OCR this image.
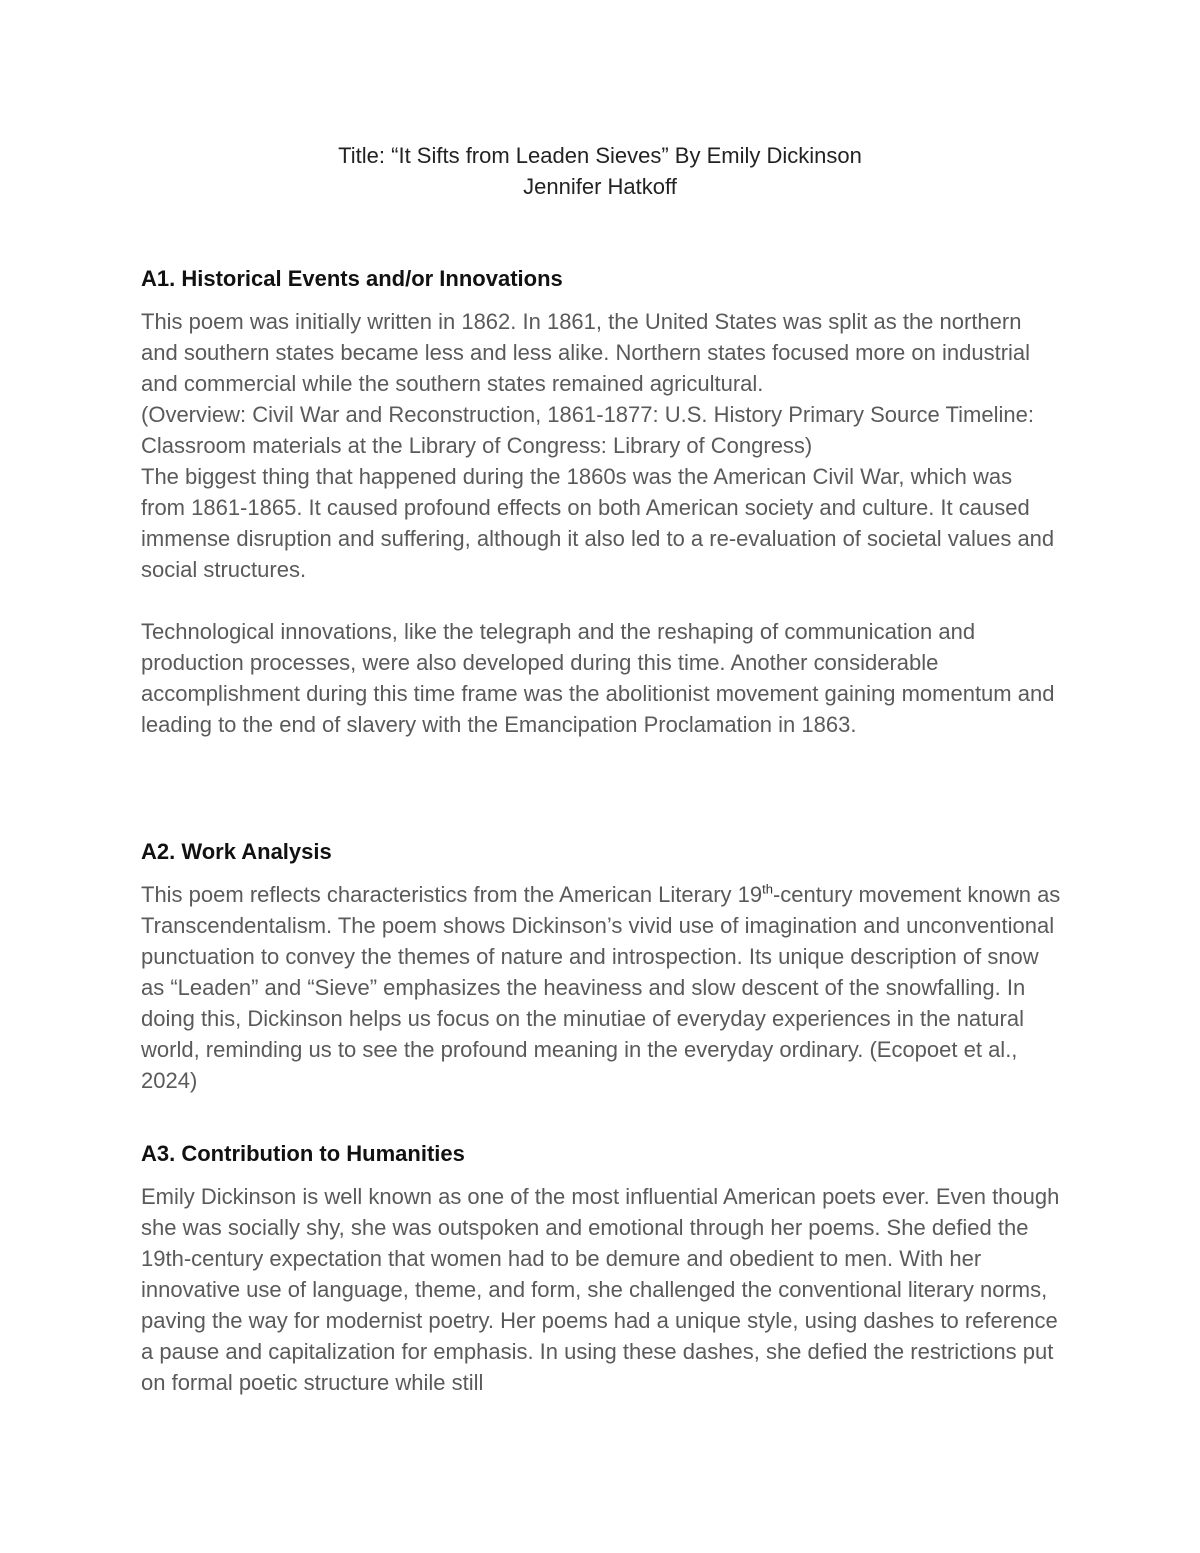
Title: “It Sifts from Leaden Sieves” By Emily Dickinson
Jennifer Hatkoff
A1. Historical Events and/or Innovations

This poem was initially written in 1862. In 1861, the United States was split as the northern and southern states became less and less alike. Northern states focused more on industrial and commercial while the southern states remained agricultural.

(Overview: Civil War and Reconstruction, 1861-1877: U.S. History Primary Source Timeline: Classroom materials at the Library of Congress: Library of Congress)

The biggest thing that happened during the 1860s was the American Civil War, which was from 1861-1865. It caused profound effects on both American society and culture. It caused immense disruption and suffering, although it also led to a re-evaluation of societal values and social structures.

Technological innovations, like the telegraph and the reshaping of communication and production processes, were also developed during this time. Another considerable accomplishment during this time frame was the abolitionist movement gaining momentum and leading to the end of slavery with the Emancipation Proclamation in 1863.

A2. Work Analysis

This poem reflects characteristics from the American Literary 19th-century movement known as Transcendentalism. The poem shows Dickinson’s vivid use of imagination and unconventional punctuation to convey the themes of nature and introspection. Its unique description of snow as “Leaden” and “Sieve” emphasizes the heaviness and slow descent of the snowfalling. In doing this, Dickinson helps us focus on the minutiae of everyday experiences in the natural world, reminding us to see the profound meaning in the everyday ordinary. (Ecopoet et al., 2024)

A3. Contribution to Humanities

Emily Dickinson is well known as one of the most influential American poets ever. Even though she was socially shy, she was outspoken and emotional through her poems. She defied the 19th-century expectation that women had to be demure and obedient to men. With her innovative use of language, theme, and form, she challenged the conventional literary norms, paving the way for modernist poetry. Her poems had a unique style, using dashes to reference a pause and capitalization for emphasis. In using these dashes, she defied the restrictions put on formal poetic structure while still
